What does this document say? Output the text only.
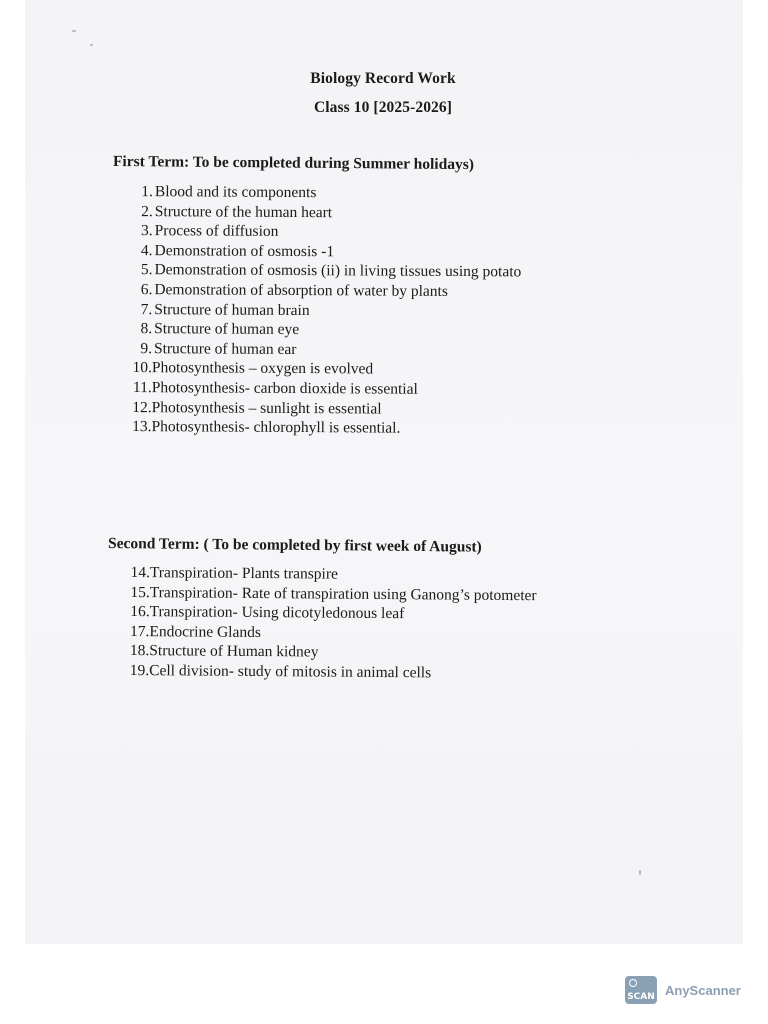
Biology Record Work
Class 10 [2025-2026]
First Term: To be completed during Summer holidays)
1. Blood and its components
2. Structure of the human heart
3. Process of diffusion
4. Demonstration of osmosis -1
5. Demonstration of osmosis (ii) in living tissues using potato
6. Demonstration of absorption of water by plants
7. Structure of human brain
8. Structure of human eye
9. Structure of human ear
10.Photosynthesis – oxygen is evolved
11.Photosynthesis- carbon dioxide is essential
12.Photosynthesis – sunlight is essential
13.Photosynthesis- chlorophyll is essential.
Second Term: ( To be completed by first week of August)
14.Transpiration- Plants transpire
15.Transpiration- Rate of transpiration using Ganong’s potometer
16.Transpiration- Using dicotyledonous leaf
17.Endocrine Glands
18.Structure of Human kidney
19.Cell division- study of mitosis in animal cells
SCAN AnyScanner
